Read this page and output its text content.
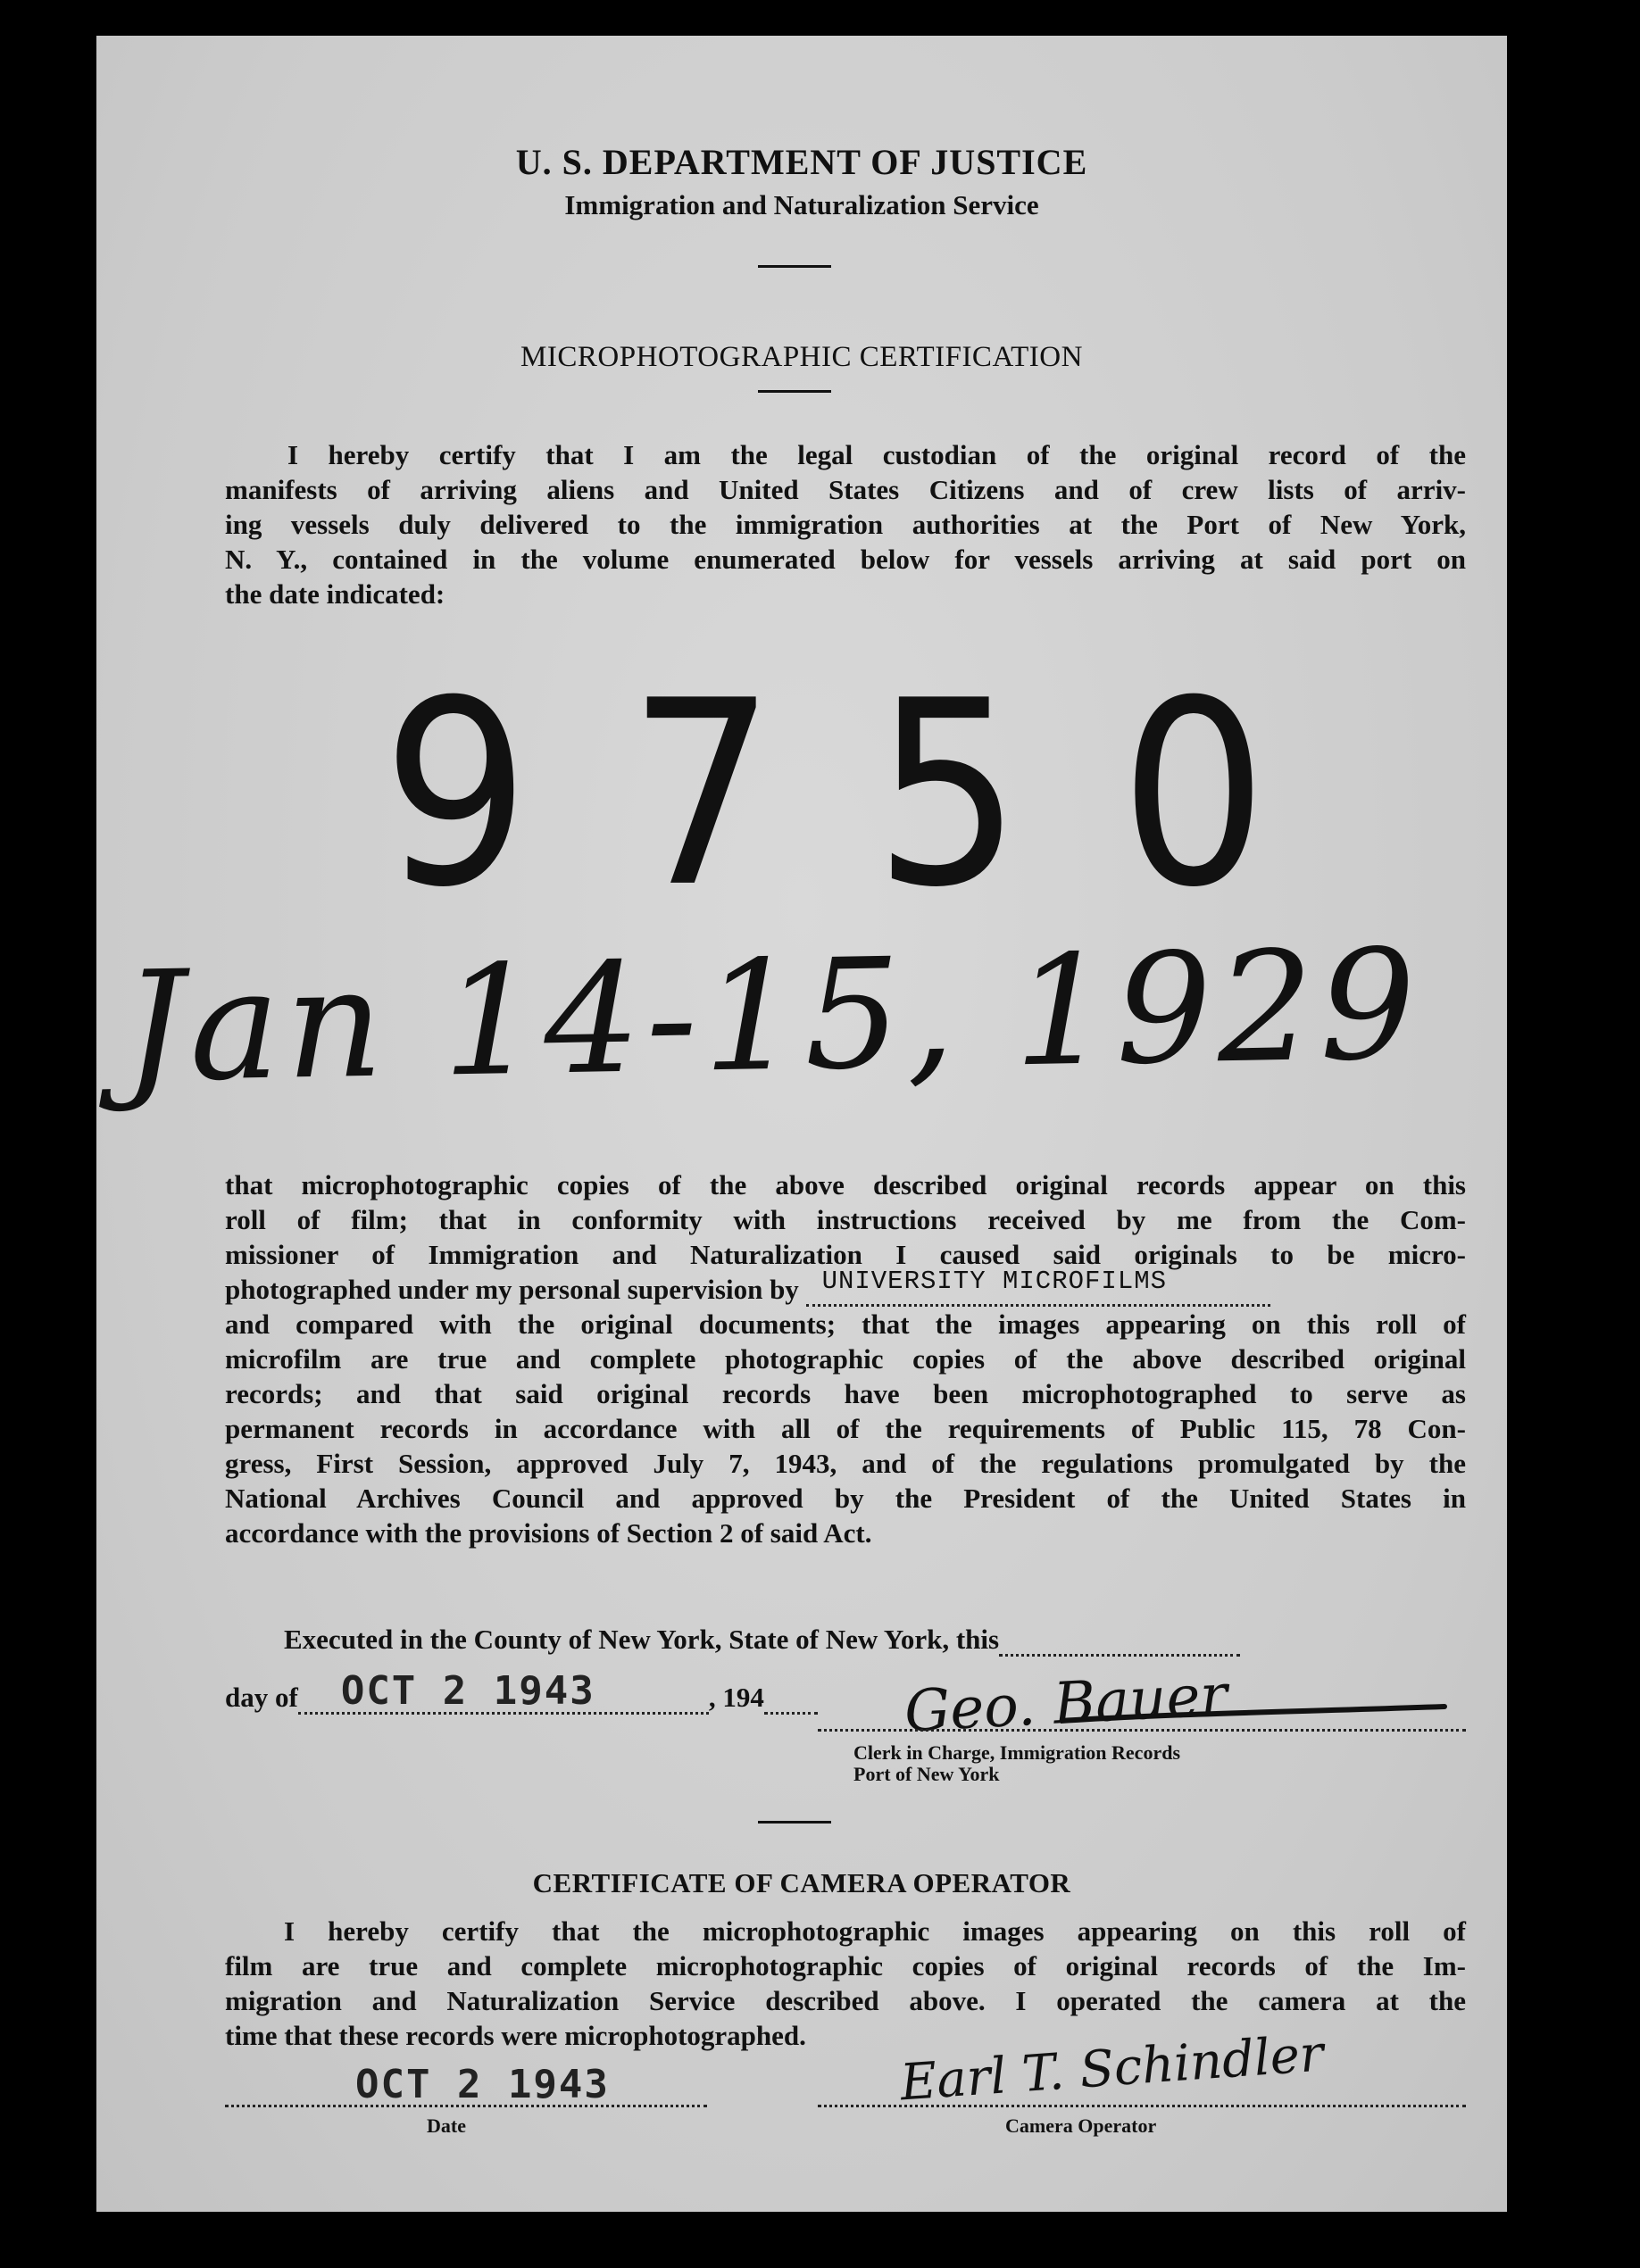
U. S. DEPARTMENT OF JUSTICE
Immigration and Naturalization Service
MICROPHOTOGRAPHIC CERTIFICATION
I hereby certify that I am the legal custodian of the original record of the
manifests of arriving aliens and United States Citizens and of crew lists of arriv-
ing vessels duly delivered to the immigration authorities at the Port of New York,
N. Y., contained in the volume enumerated below for vessels arriving at said port on
the date indicated:
9750
Jan 14-15, 1929
that microphotographic copies of the above described original records appear on this
roll of film; that in conformity with instructions received by me from the Com-
missioner of Immigration and Naturalization I caused said originals to be micro-
photographed under my personal supervision by UNIVERSITY MICROFILMS
and compared with the original documents; that the images appearing on this roll of
microfilm are true and complete photographic copies of the above described original
records; and that said original records have been microphotographed to serve as
permanent records in accordance with all of the requirements of Public 115, 78 Con-
gress, First Session, approved July 7, 1943, and of the regulations promulgated by the
National Archives Council and approved by the President of the United States in
accordance with the provisions of Section 2 of said Act.
Executed in the County of New York, State of New York, this
day of OCT 2 1943	, 194	Geo. Bauer
Clerk in Charge, Immigration Records
Port of New York
CERTIFICATE OF CAMERA OPERATOR
I hereby certify that the microphotographic images appearing on this roll of
film are true and complete microphotographic copies of original records of the Im-
migration and Naturalization Service described above. I operated the camera at the
time that these records were microphotographed.
OCT 2 1943
Date
Earl T. Schindler
Camera Operator
